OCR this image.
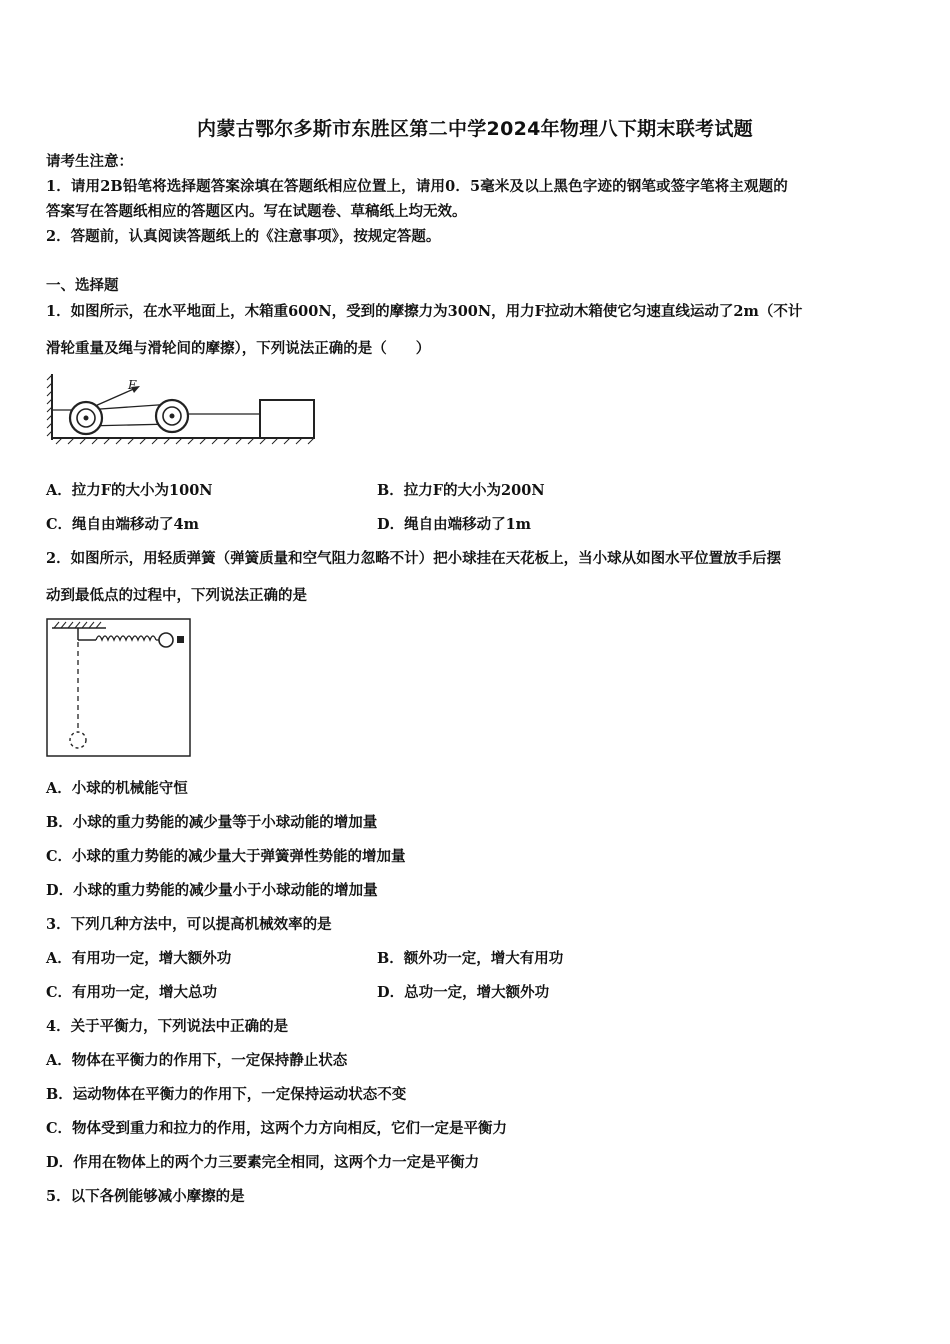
内蒙古鄂尔多斯市东胜区第二中学2024年物理八下期末联考试题
请考生注意：
1．请用2B铅笔将选择题答案涂填在答题纸相应位置上，请用0．5毫米及以上黑色字迹的钢笔或签字笔将主观题的
答案写在答题纸相应的答题区内。写在试题卷、草稿纸上均无效。
2．答题前，认真阅读答题纸上的《注意事项》，按规定答题。
一、选择题
1．如图所示，在水平地面上，木箱重600N，受到的摩擦力为300N，用力F拉动木箱使它匀速直线运动了2m（不计
滑轮重量及绳与滑轮间的摩擦），下列说法正确的是（　　）
F
A．拉力F的大小为100N	B．拉力F的大小为200N
C．绳自由端移动了4m	D．绳自由端移动了1m
2．如图所示，用轻质弹簧（弹簧质量和空气阻力忽略不计）把小球挂在天花板上，当小球从如图水平位置放手后摆
动到最低点的过程中，下列说法正确的是
A．小球的机械能守恒
B．小球的重力势能的减少量等于小球动能的增加量
C．小球的重力势能的减少量大于弹簧弹性势能的增加量
D．小球的重力势能的减少量小于小球动能的增加量
3．下列几种方法中，可以提高机械效率的是
A．有用功一定，增大额外功	B．额外功一定，增大有用功
C．有用功一定，增大总功	D．总功一定，增大额外功
4．关于平衡力，下列说法中正确的是
A．物体在平衡力的作用下，一定保持静止状态
B．运动物体在平衡力的作用下，一定保持运动状态不变
C．物体受到重力和拉力的作用，这两个力方向相反，它们一定是平衡力
D．作用在物体上的两个力三要素完全相同，这两个力一定是平衡力
5．以下各例能够减小摩擦的是
